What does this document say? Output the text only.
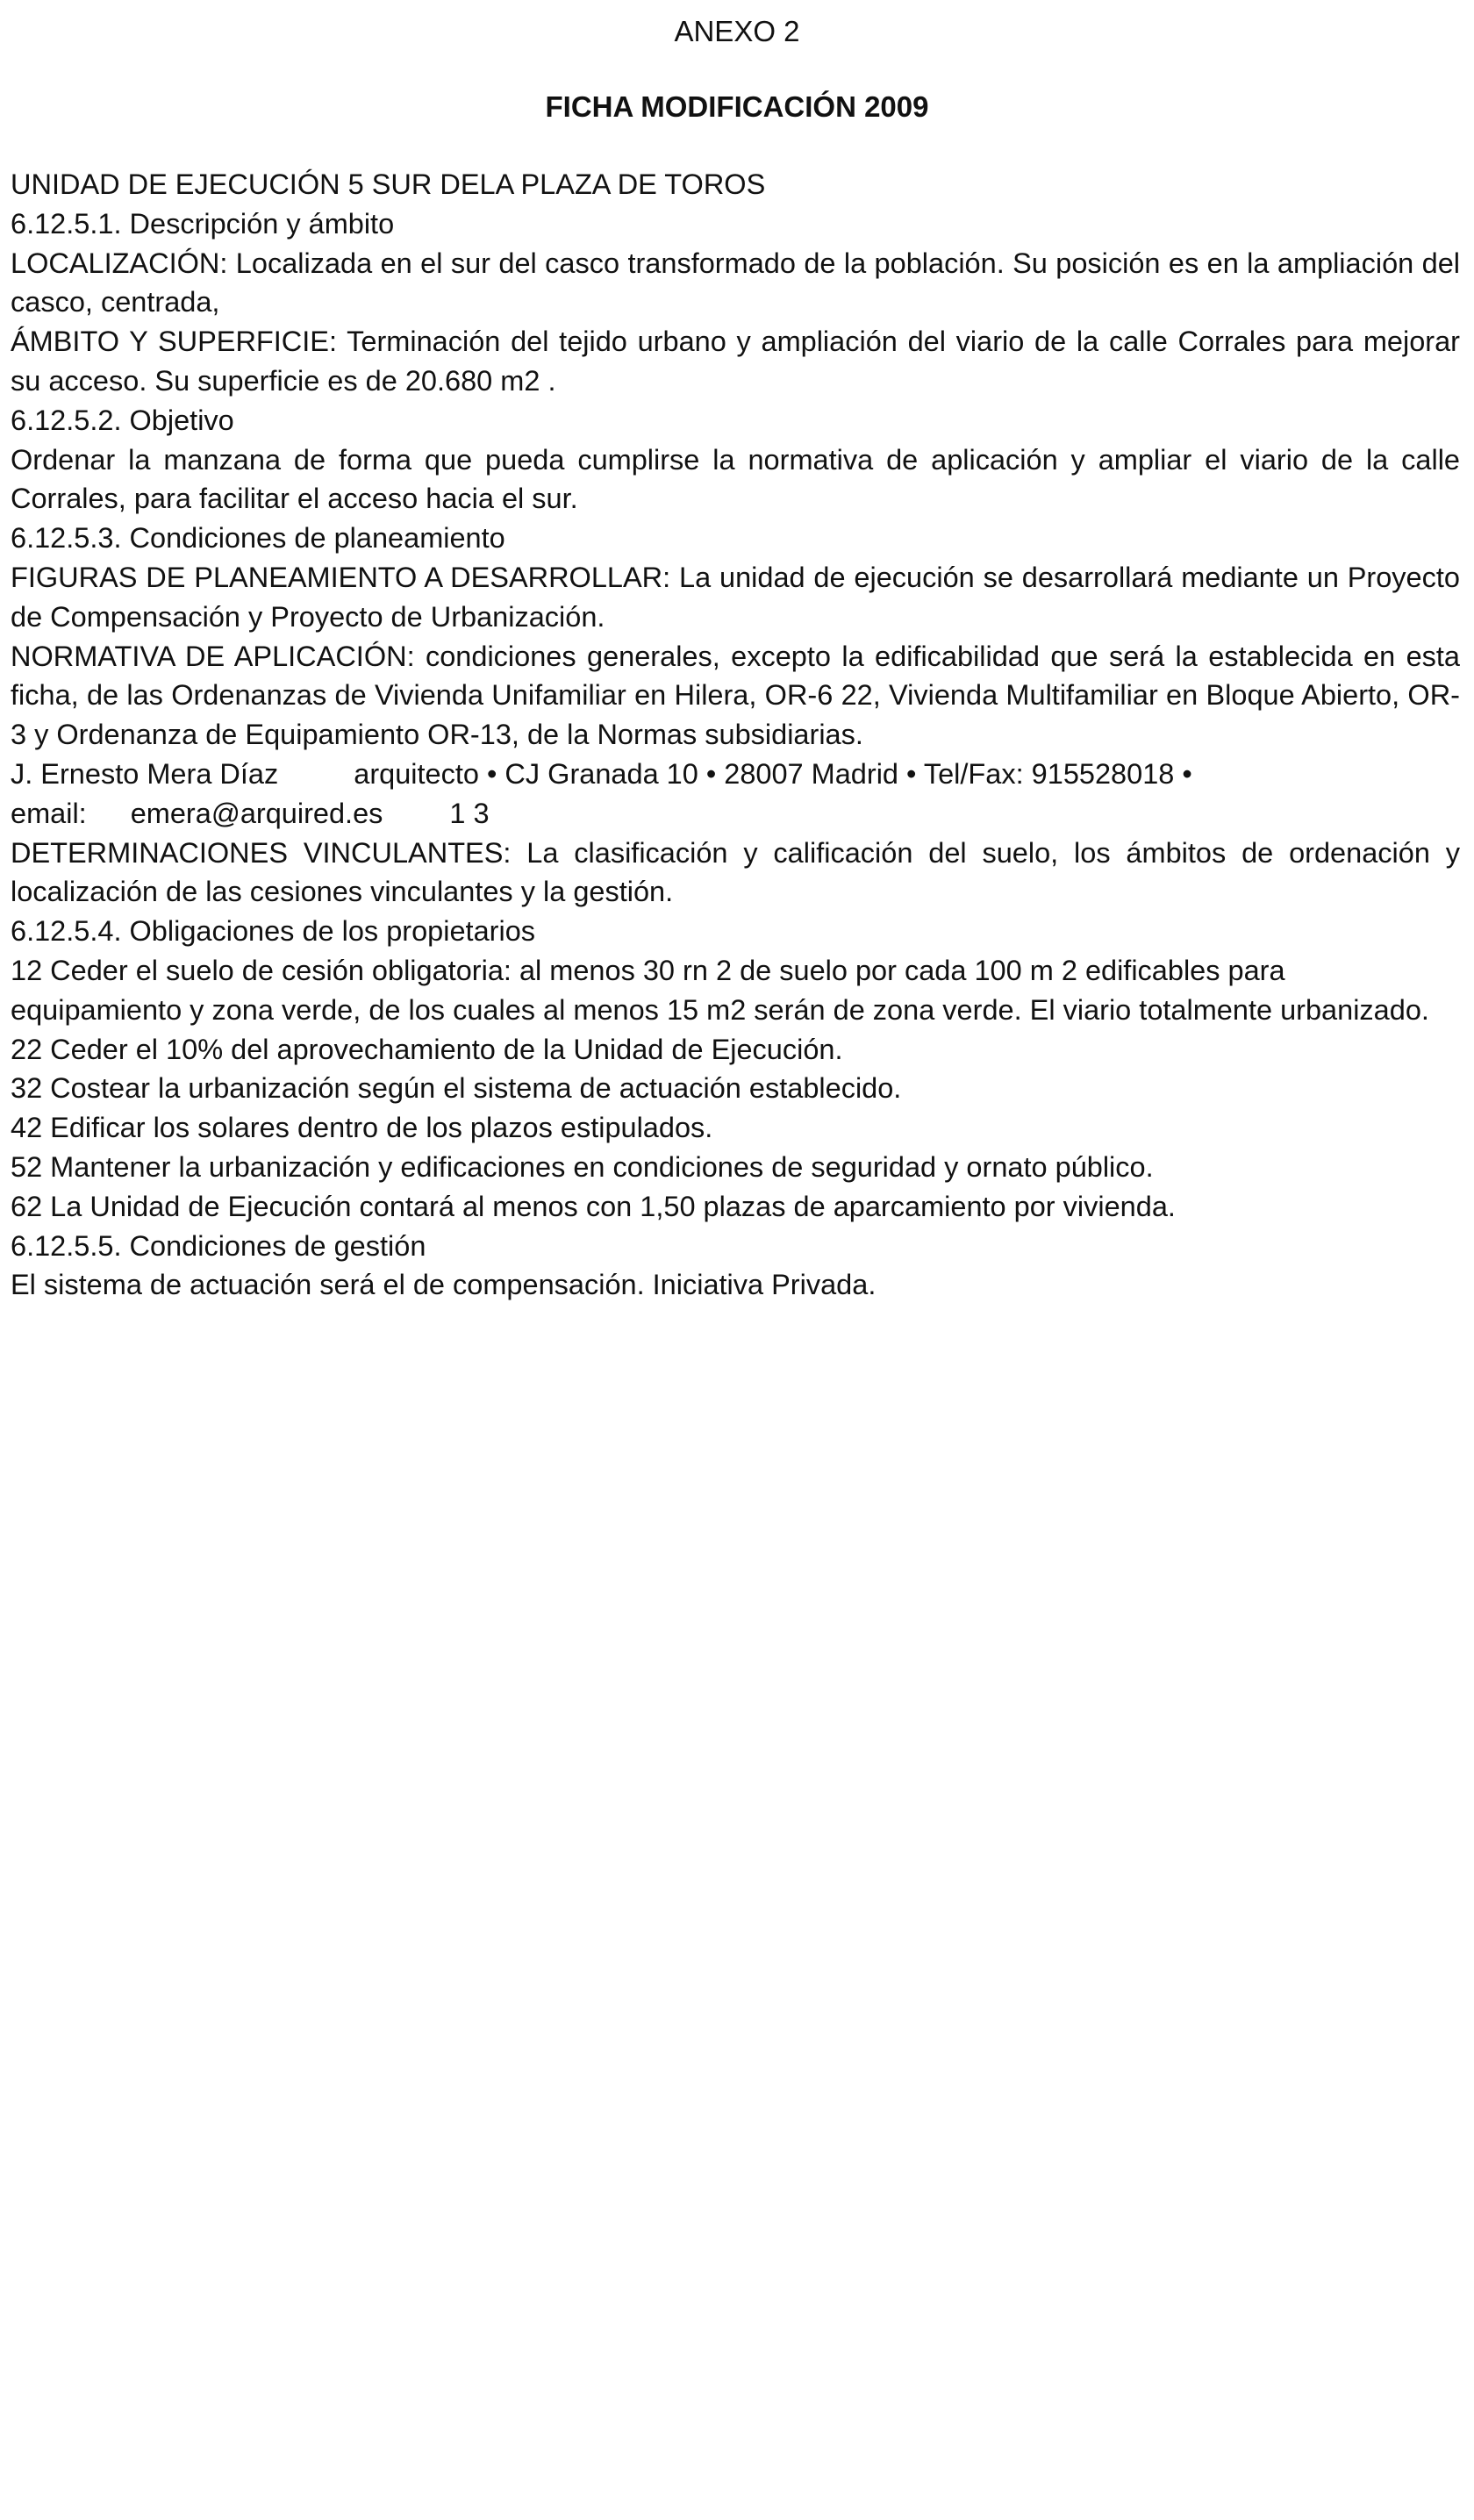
ANEXO 2
FICHA MODIFICACIÓN 2009

UNIDAD DE EJECUCIÓN 5 SUR DELA PLAZA DE TOROS

6.12.5.1. Descripción y ámbito

LOCALIZACIÓN: Localizada en el sur del casco transformado de la población. Su posición es en la ampliación del casco, centrada,

ÁMBITO Y SUPERFICIE: Terminación del tejido urbano y ampliación del viario de la calle Corrales para mejorar su acceso. Su superficie es de 20.680 m2 .

6.12.5.2. Objetivo

Ordenar la manzana de forma que pueda cumplirse la normativa de aplicación y ampliar el viario de la calle Corrales, para facilitar el acceso hacia el sur.

6.12.5.3. Condiciones de planeamiento

FIGURAS DE PLANEAMIENTO A DESARROLLAR: La unidad de ejecución se desarrollará mediante un Proyecto de Compensación y Proyecto de Urbanización.

NORMATIVA DE APLICACIÓN: condiciones generales, excepto la edificabilidad que será la establecida en esta ficha, de las Ordenanzas de Vivienda Unifamiliar en Hilera, OR-6 22, Vivienda Multifamiliar en Bloque Abierto, OR-3 y Ordenanza de Equipamiento OR-13, de la Normas subsidiarias.

J. Ernesto Mera Díaz	arquitecto • CJ Granada 10 • 28007 Madrid • Tel/Fax: 915528018 •

email: emera@arquired.es 1 3

DETERMINACIONES VINCULANTES: La clasificación y calificación del suelo, los ámbitos de ordenación y localización de las cesiones vinculantes y la gestión.

6.12.5.4. Obligaciones de los propietarios

12 Ceder el suelo de cesión obligatoria: al menos 30 rn 2 de suelo por cada 100 m 2 edificables para equipamiento y zona verde, de los cuales al menos 15 m2 serán de zona verde. El viario totalmente urbanizado.

22 Ceder el 10% del aprovechamiento de la Unidad de Ejecución.

32 Costear la urbanización según el sistema de actuación establecido.

42 Edificar los solares dentro de los plazos estipulados.

52 Mantener la urbanización y edificaciones en condiciones de seguridad y ornato público.

62 La Unidad de Ejecución contará al menos con 1,50 plazas de aparcamiento por vivienda.

6.12.5.5. Condiciones de gestión

El sistema de actuación será el de compensación. Iniciativa Privada.
